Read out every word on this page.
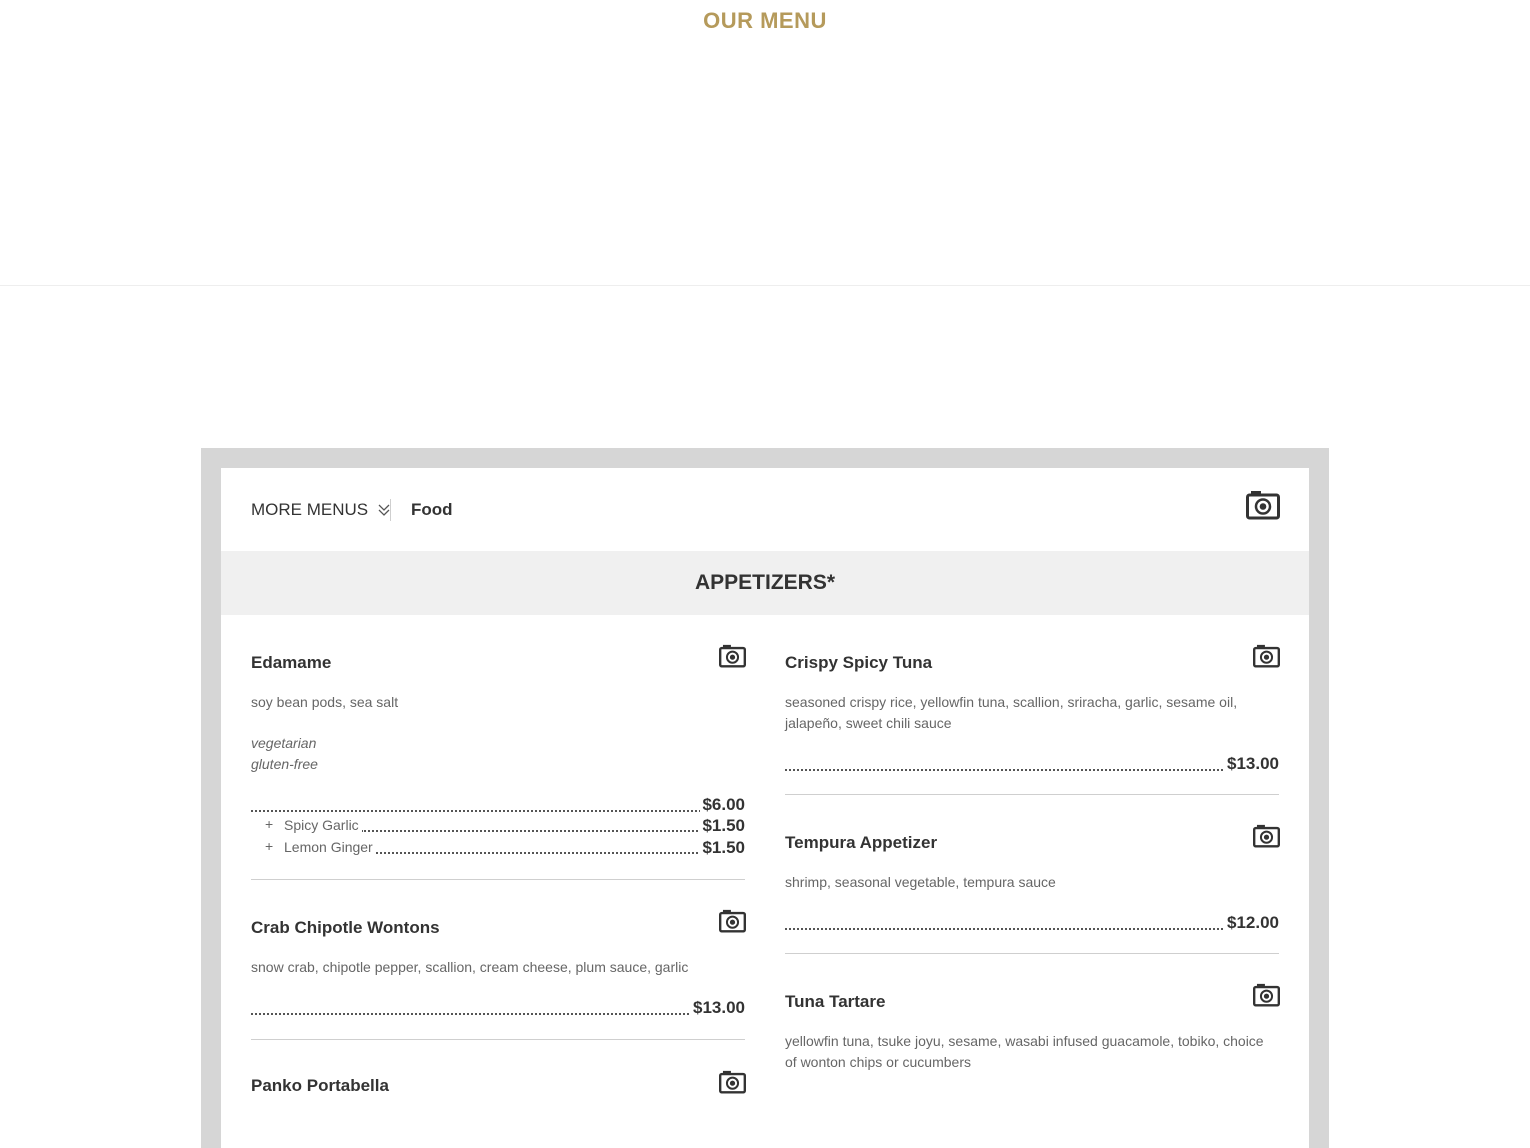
OUR MENU
MORE MENUS	Food
APPETIZERS*
Edamame
soy bean pods, sea salt
vegetarian
gluten-free
$6.00
+ Spicy Garlic	$1.50
+ Lemon Ginger	$1.50
Crab Chipotle Wontons
snow crab, chipotle pepper, scallion, cream cheese, plum sauce, garlic
$13.00
Panko Portabella
Crispy Spicy Tuna
seasoned crispy rice, yellowfin tuna, scallion, sriracha, garlic, sesame oil, jalapeño, sweet chili sauce
$13.00
Tempura Appetizer
shrimp, seasonal vegetable, tempura sauce
$12.00
Tuna Tartare
yellowfin tuna, tsuke joyu, sesame, wasabi infused guacamole, tobiko, choice of wonton chips or cucumbers
